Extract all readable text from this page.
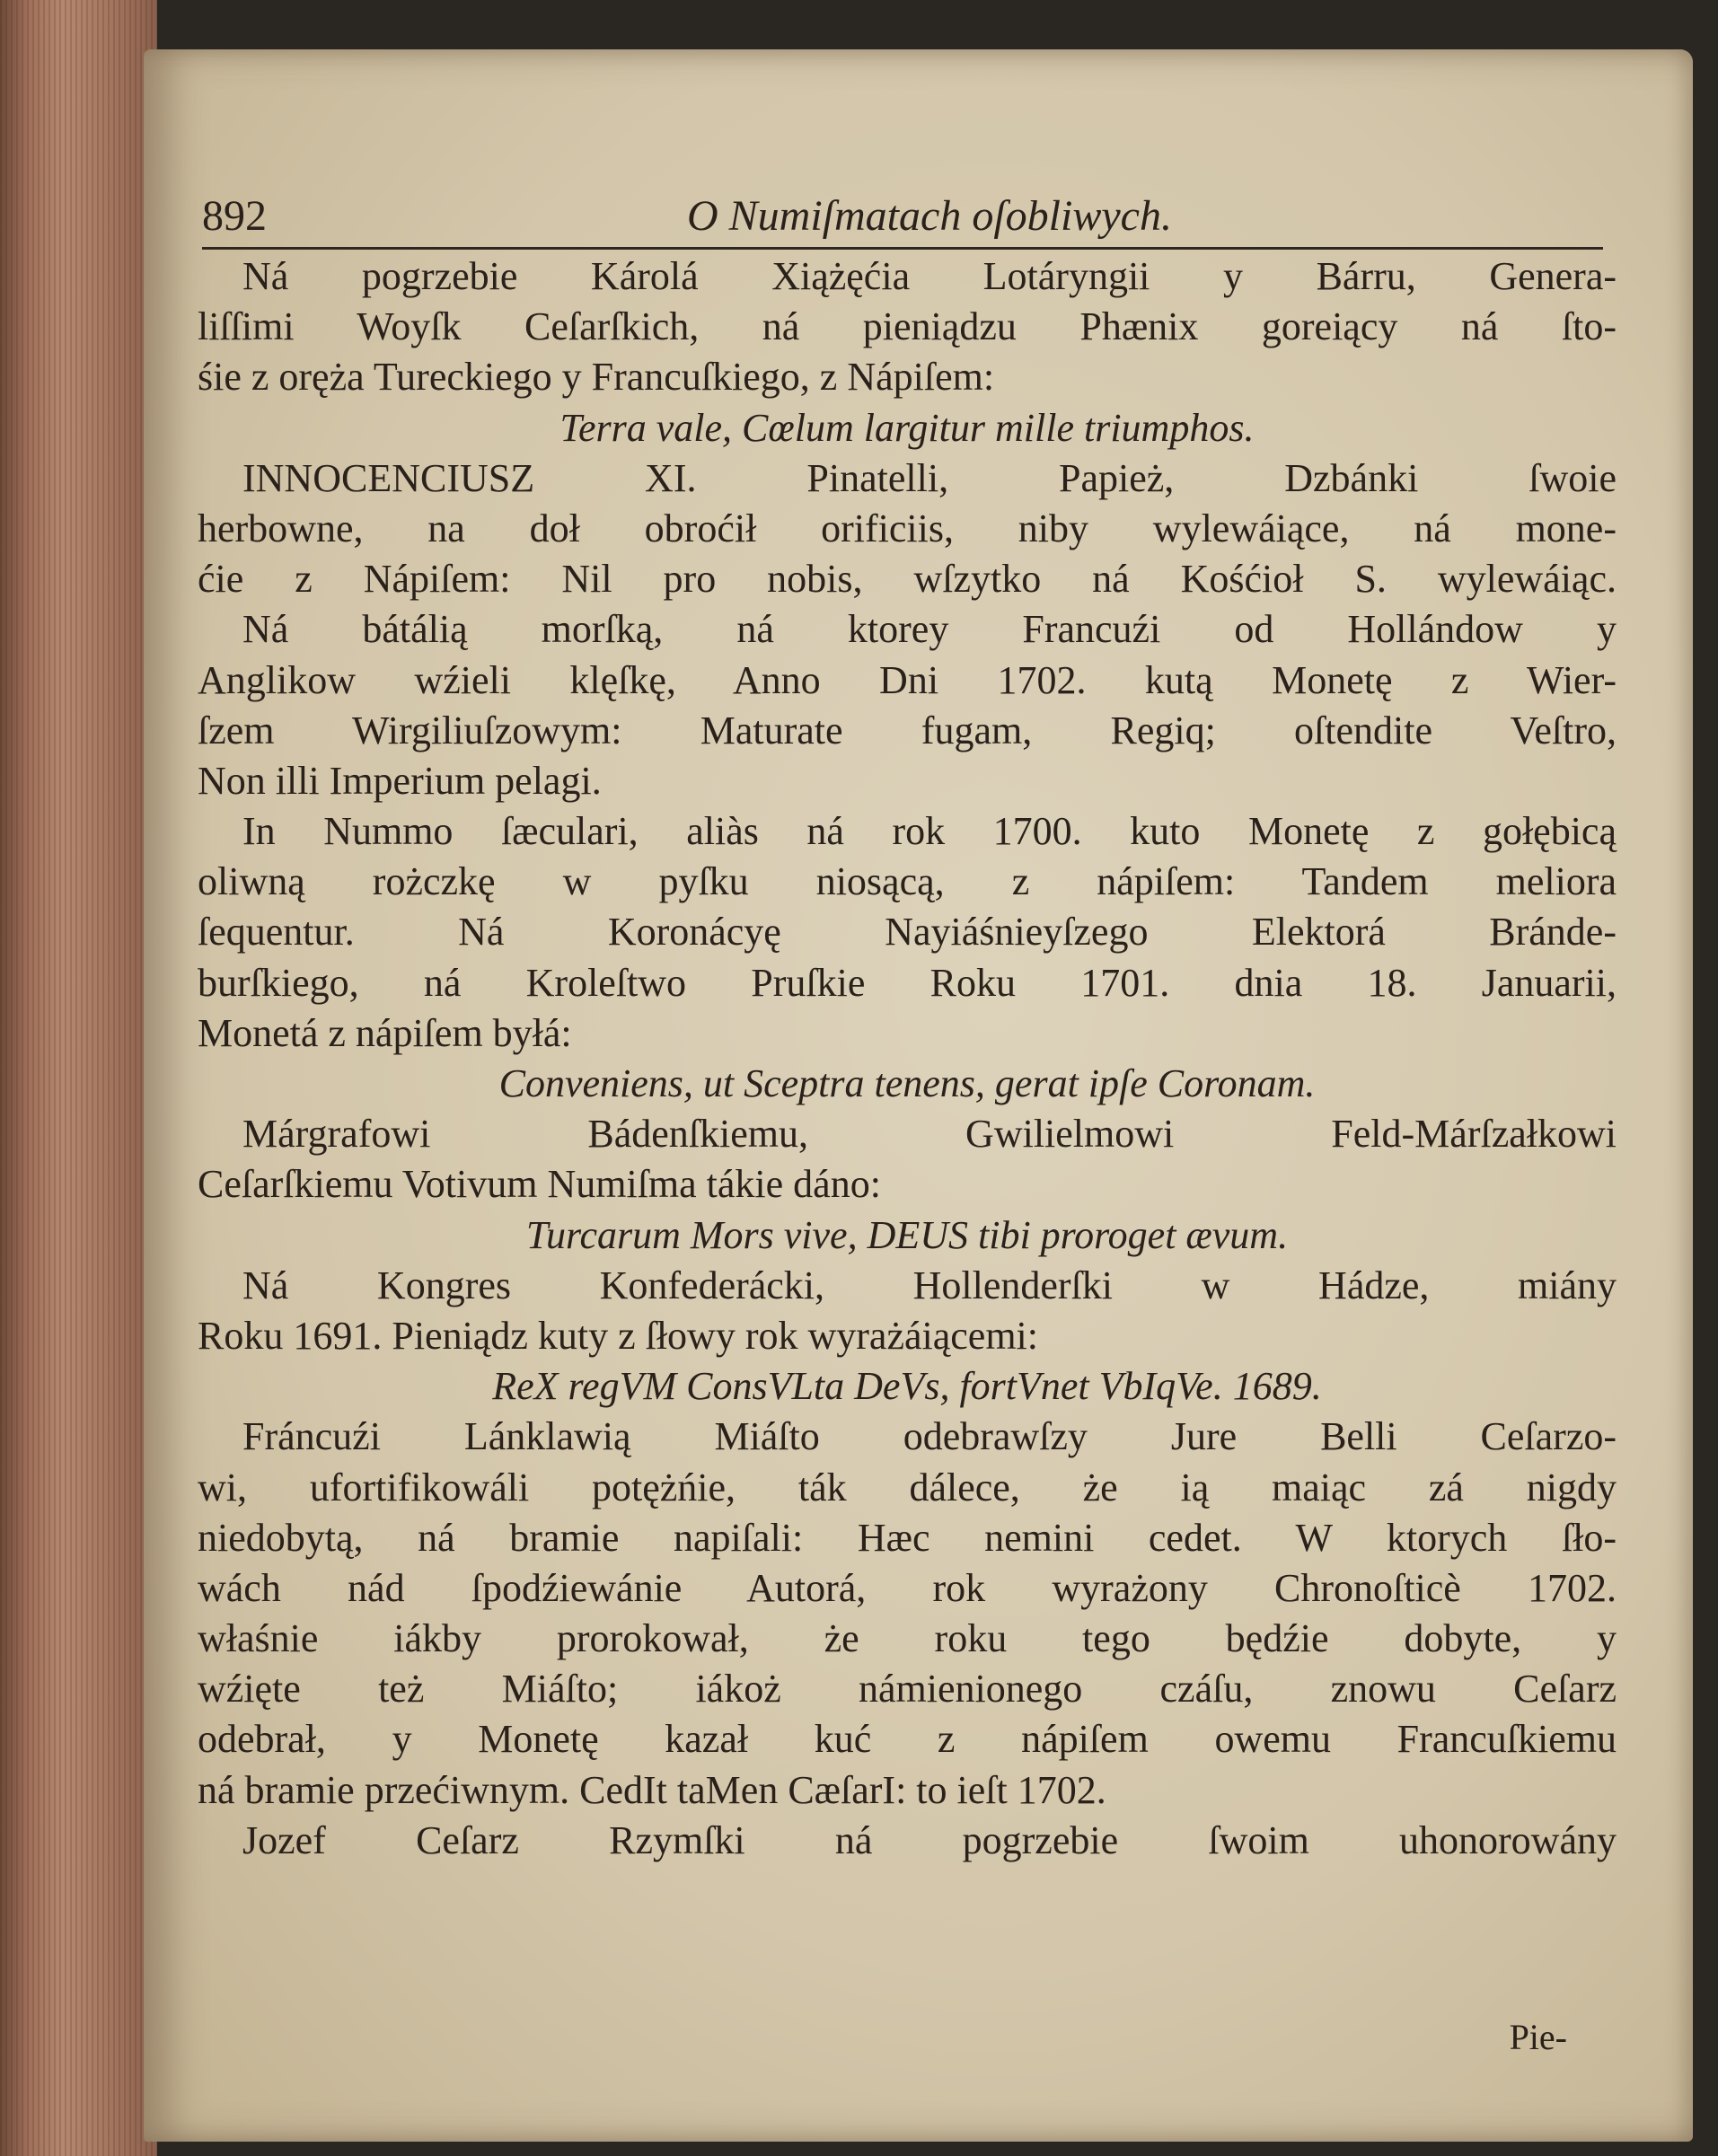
892	O Numiſmatach oſobliwych.
Ná pogrzebie Károlá Xiążęćia Lotáryngii y Bárru, Genera-
liſſimi Woyſk Ceſarſkich, ná pieniądzu Phænix goreiący ná ſto-
śie z oręża Tureckiego y Francuſkiego, z Nápiſem:
Terra vale, Cœlum largitur mille triumphos.
INNOCENCIUSZ XI. Pinatelli, Papież, Dzbánki ſwoie
herbowne, na doł obroćił orificiis, niby wylewáiące, ná mone-
ćie z Nápiſem: Nil pro nobis, wſzytko ná Kośćioł S. wylewáiąc.
Ná bátálią morſką, ná ktorey Francuźi od Hollándow y
Anglikow wźieli klęſkę, Anno Dni 1702. kutą Monetę z Wier-
ſzem Wirgiliuſzowym: Maturate fugam, Regiq; oſtendite Veſtro,
Non illi Imperium pelagi.
In Nummo ſæculari, aliàs ná rok 1700. kuto Monetę z gołębicą
oliwną rożczkę w pyſku niosącą, z nápiſem: Tandem meliora
ſequentur. Ná Koronácyę Nayiáśnieyſzego Elektorá Bránde-
burſkiego, ná Kroleſtwo Pruſkie Roku 1701. dnia 18. Januarii,
Monetá z nápiſem byłá:
Conveniens, ut Sceptra tenens, gerat ipſe Coronam.
Márgrafowi Bádenſkiemu, Gwilielmowi Feld-Márſzałkowi
Ceſarſkiemu Votivum Numiſma tákie dáno:
Turcarum Mors vive, DEUS tibi proroget ævum.
Ná Kongres Konfederácki, Hollenderſki w Hádze, miány
Roku 1691. Pieniądz kuty z ſłowy rok wyrażáiącemi:
ReX regVM ConsVLta DeVs, fortVnet VbIqVe. 1689.
Fráncuźi Lánklawią Miáſto odebrawſzy Jure Belli Ceſarzo-
wi, ufortifikowáli potężńie, ták dálece, że ią maiąc zá nigdy
niedobytą, ná bramie napiſali: Hæc nemini cedet. W ktorych ſło-
wách nád ſpodźiewánie Autorá, rok wyrażony Chronoſticè 1702.
właśnie iákby prorokował, że roku tego będźie dobyte, y
wźięte też Miáſto; iákoż námienionego czáſu, znowu Ceſarz
odebrał, y Monetę kazał kuć z nápiſem owemu Francuſkiemu
ná bramie przećiwnym. CedIt taMen CæſarI: to ieſt 1702.
Jozef Ceſarz Rzymſki ná pogrzebie ſwoim uhonorowány
Pie-
